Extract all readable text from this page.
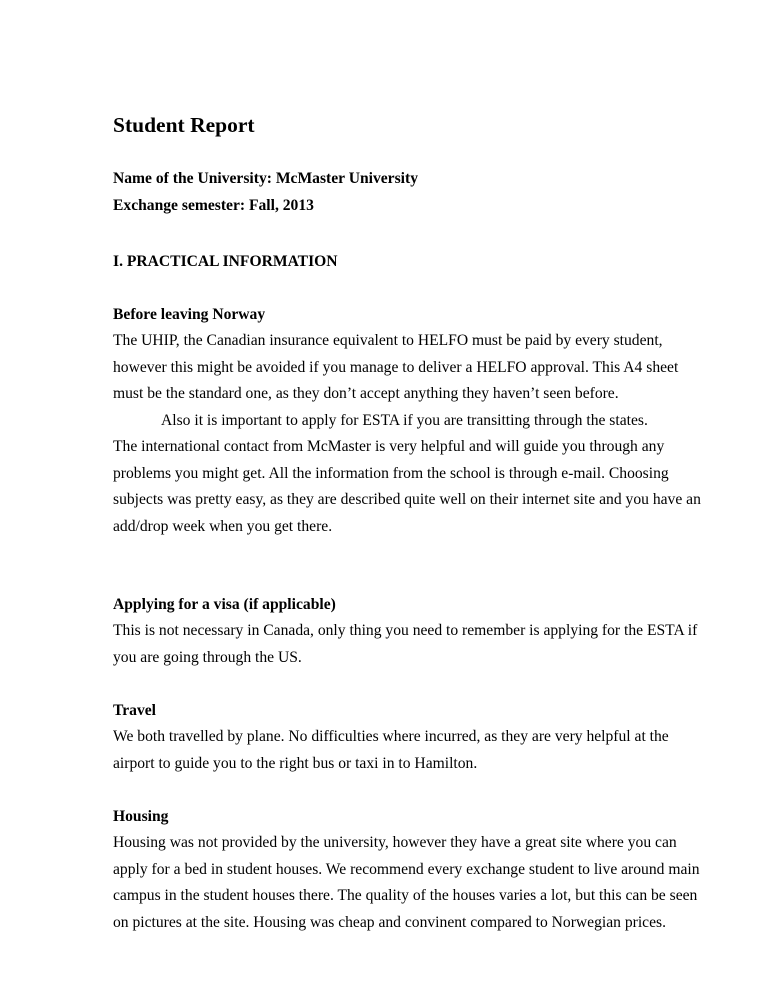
Student Report
Name of the University: McMaster University
Exchange semester: Fall, 2013
I. PRACTICAL INFORMATION
Before leaving Norway
The UHIP, the Canadian insurance equivalent to HELFO must be paid by every student,
however this might be avoided if you manage to deliver a HELFO approval. This A4 sheet
must be the standard one, as they don’t accept anything they haven’t seen before.
Also it is important to apply for ESTA if you are transitting through the states.
The international contact from McMaster is very helpful and will guide you through any
problems you might get. All the information from the school is through e-mail. Choosing
subjects was pretty easy, as they are described quite well on their internet site and you have an
add/drop week when you get there.
Applying for a visa (if applicable)
This is not necessary in Canada, only thing you need to remember is applying for the ESTA if
you are going through the US.
Travel
We both travelled by plane. No difficulties where incurred, as they are very helpful at the
airport to guide you to the right bus or taxi in to Hamilton.
Housing
Housing was not provided by the university, however they have a great site where you can
apply for a bed in student houses. We recommend every exchange student to live around main
campus in the student houses there. The quality of the houses varies a lot, but this can be seen
on pictures at the site. Housing was cheap and convinent compared to Norwegian prices.
